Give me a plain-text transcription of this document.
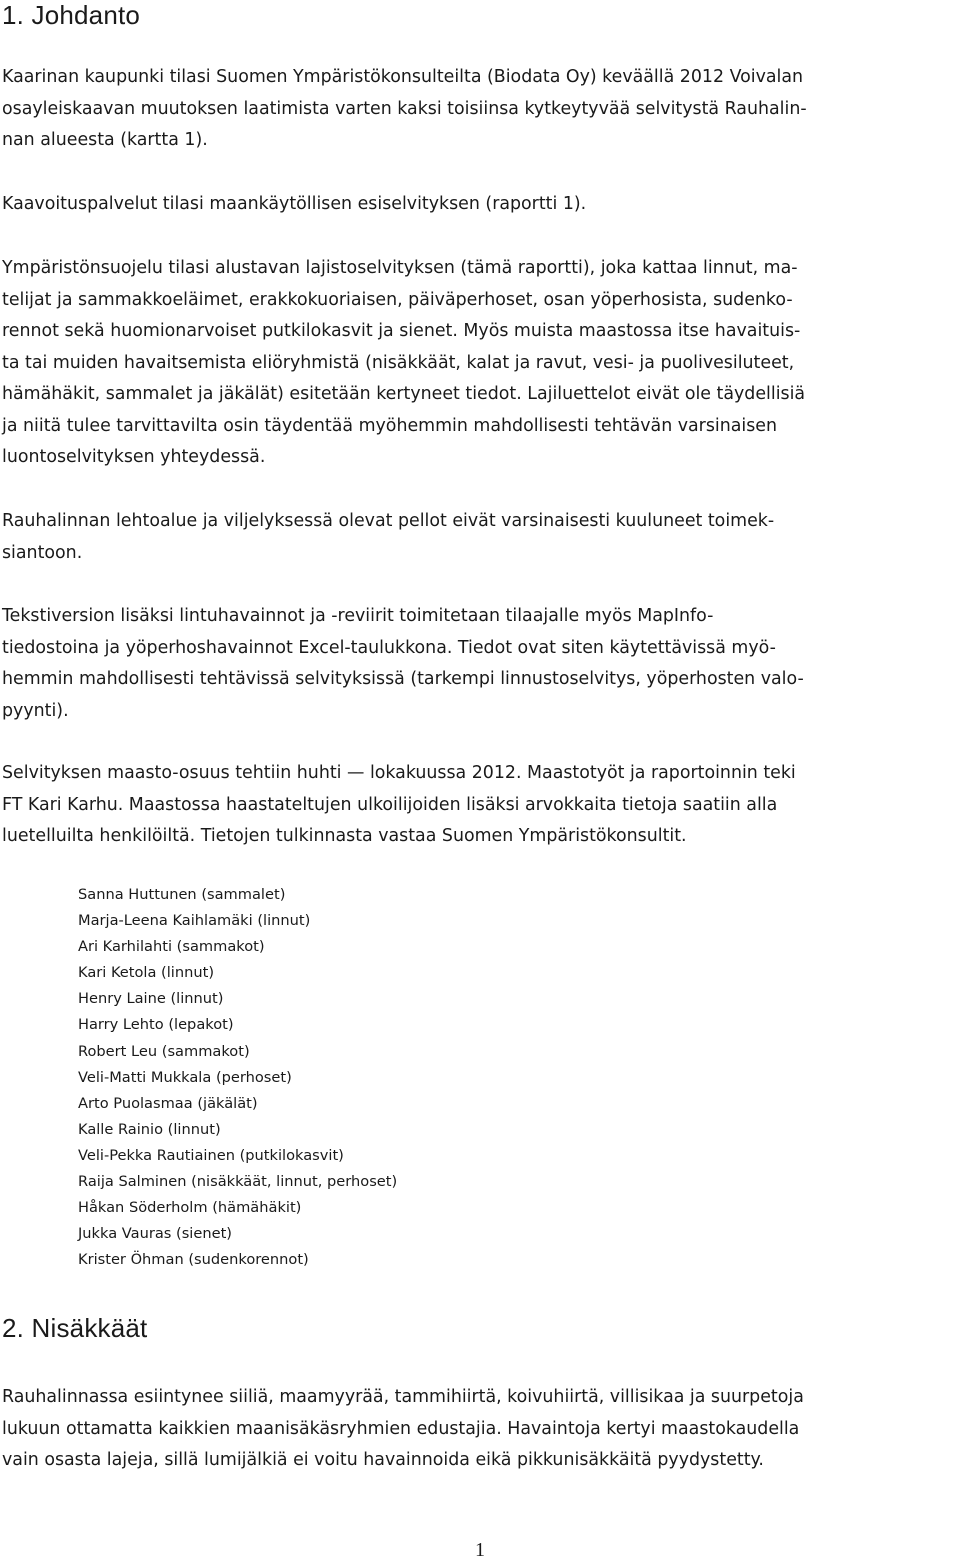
1. Johdanto

Kaarinan kaupunki tilasi Suomen Ympäristökonsulteilta (Biodata Oy) keväällä 2012 Voivalan
osayleiskaavan muutoksen laatimista varten kaksi toisiinsa kytkeytyvää selvitystä Rauhalin-
nan alueesta (kartta 1).

Kaavoituspalvelut tilasi maankäytöllisen esiselvityksen (raportti 1).

Ympäristönsuojelu tilasi alustavan lajistoselvityksen (tämä raportti), joka kattaa linnut, ma-
telijat ja sammakkoeläimet, erakkokuoriaisen, päiväperhoset, osan yöperhosista, sudenko-
rennot sekä huomionarvoiset putkilokasvit ja sienet. Myös muista maastossa itse havaituis-
ta tai muiden havaitsemista eliöryhmistä (nisäkkäät, kalat ja ravut, vesi- ja puolivesiluteet,
hämähäkit, sammalet ja jäkälät) esitetään kertyneet tiedot. Lajiluettelot eivät ole täydellisiä
ja niitä tulee tarvittavilta osin täydentää myöhemmin mahdollisesti tehtävän varsinaisen
luontoselvityksen yhteydessä.

Rauhalinnan lehtoalue ja viljelyksessä olevat pellot eivät varsinaisesti kuuluneet toimek-
siantoon.

Tekstiversion lisäksi lintuhavainnot ja -reviirit toimitetaan tilaajalle myös MapInfo-
tiedostoina ja yöperhoshavainnot Excel-taulukkona. Tiedot ovat siten käytettävissä myö-
hemmin mahdollisesti tehtävissä selvityksissä (tarkempi linnustoselvitys, yöperhosten valo-
pyynti).

Selvityksen maasto-osuus tehtiin huhti — lokakuussa 2012. Maastotyöt ja raportoinnin teki
FT Kari Karhu. Maastossa haastateltujen ulkoilijoiden lisäksi arvokkaita tietoja saatiin alla
luetelluilta henkilöiltä. Tietojen tulkinnasta vastaa Suomen Ympäristökonsultit.

Sanna Huttunen (sammalet)
Marja-Leena Kaihlamäki (linnut)
Ari Karhilahti (sammakot)
Kari Ketola (linnut)
Henry Laine (linnut)
Harry Lehto (lepakot)
Robert Leu (sammakot)
Veli-Matti Mukkala (perhoset)
Arto Puolasmaa (jäkälät)
Kalle Rainio (linnut)
Veli-Pekka Rautiainen (putkilokasvit)
Raija Salminen (nisäkkäät, linnut, perhoset)
Håkan Söderholm (hämähäkit)
Jukka Vauras (sienet)
Krister Öhman (sudenkorennot)
2. Nisäkkäät

Rauhalinnassa esiintynee siiliä, maamyyrää, tammihiirtä, koivuhiirtä, villisikaa ja suurpetoja
lukuun ottamatta kaikkien maanisäkäsryhmien edustajia. Havaintoja kertyi maastokaudella
vain osasta lajeja, sillä lumijälkiä ei voitu havainnoida eikä pikkunisäkkäitä pyydystetty.

1
